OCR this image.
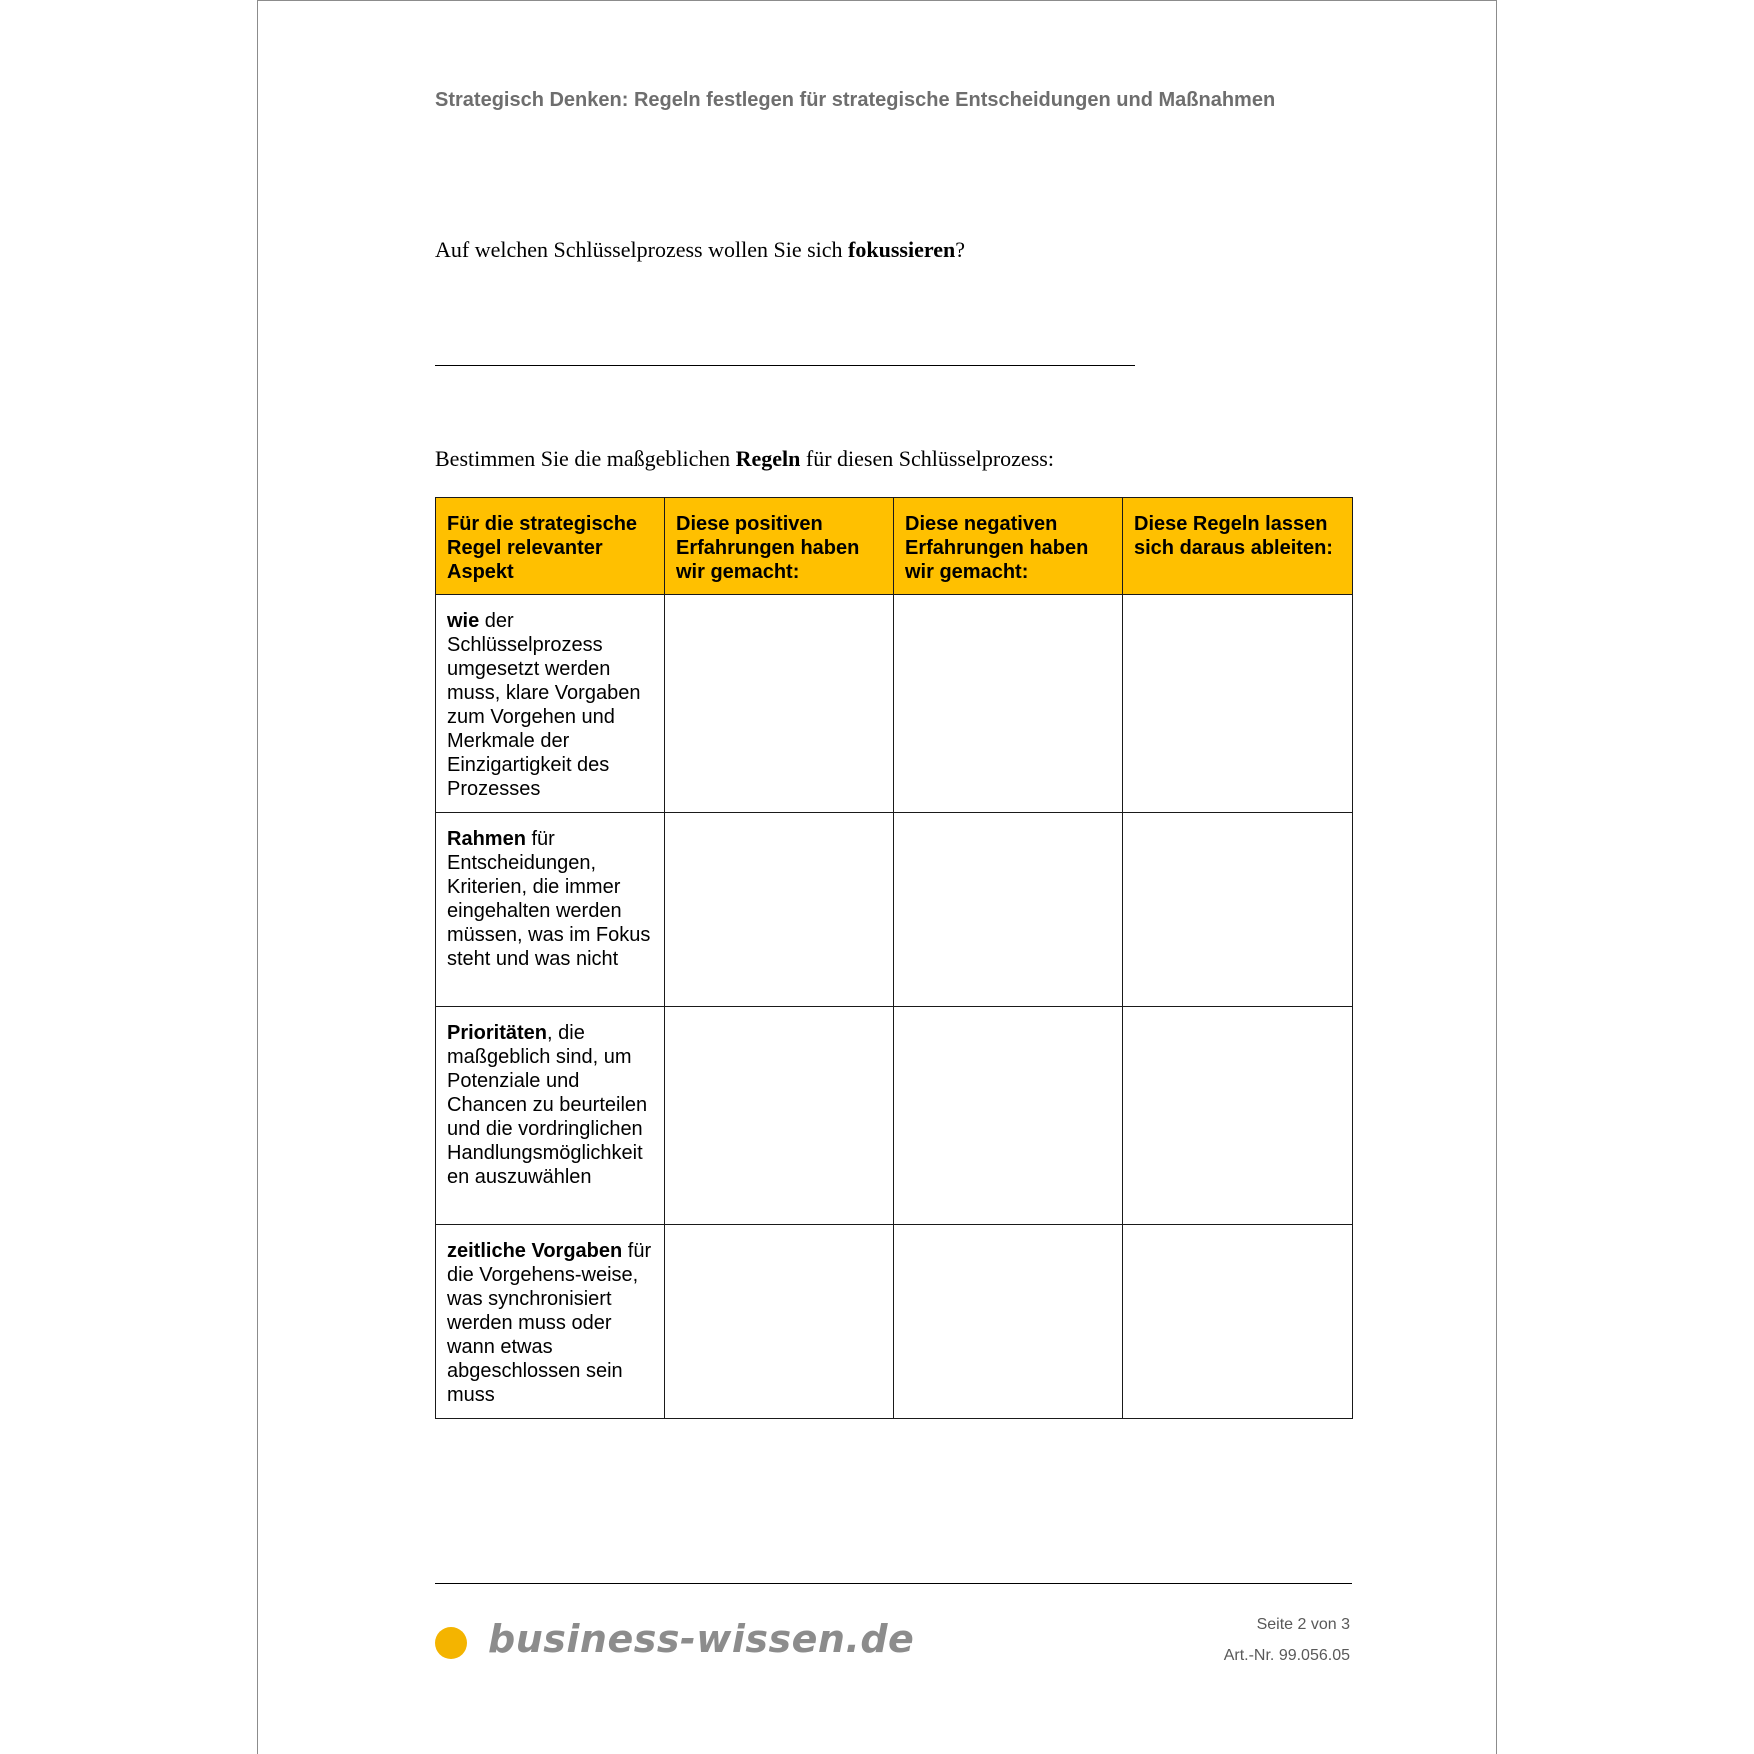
Strategisch Denken: Regeln festlegen für strategische Entscheidungen und Maßnahmen
Auf welchen Schlüsselprozess wollen Sie sich fokussieren?
Bestimmen Sie die maßgeblichen Regeln für diesen Schlüsselprozess:
Für die strategische Regel relevanter Aspekt	Diese positiven Erfahrungen haben wir gemacht:	Diese negativen Erfahrungen haben wir gemacht:	Diese Regeln lassen sich daraus ableiten:
wie der Schlüsselprozess umgesetzt werden muss, klare Vorgaben zum Vorgehen und Merkmale der Einzigartigkeit des Prozesses			
Rahmen für Entscheidungen, Kriterien, die immer eingehalten werden müssen, was im Fokus steht und was nicht			
Prioritäten, die maßgeblich sind, um Potenziale und Chancen zu beurteilen und die vordringlichen Handlungsmöglichkeit en auszuwählen			
zeitliche Vorgaben für die Vorgehens-weise, was synchronisiert werden muss oder wann etwas abgeschlossen sein muss			
business-wissen.de	Seite 2 von 3
Art.-Nr. 99.056.05
